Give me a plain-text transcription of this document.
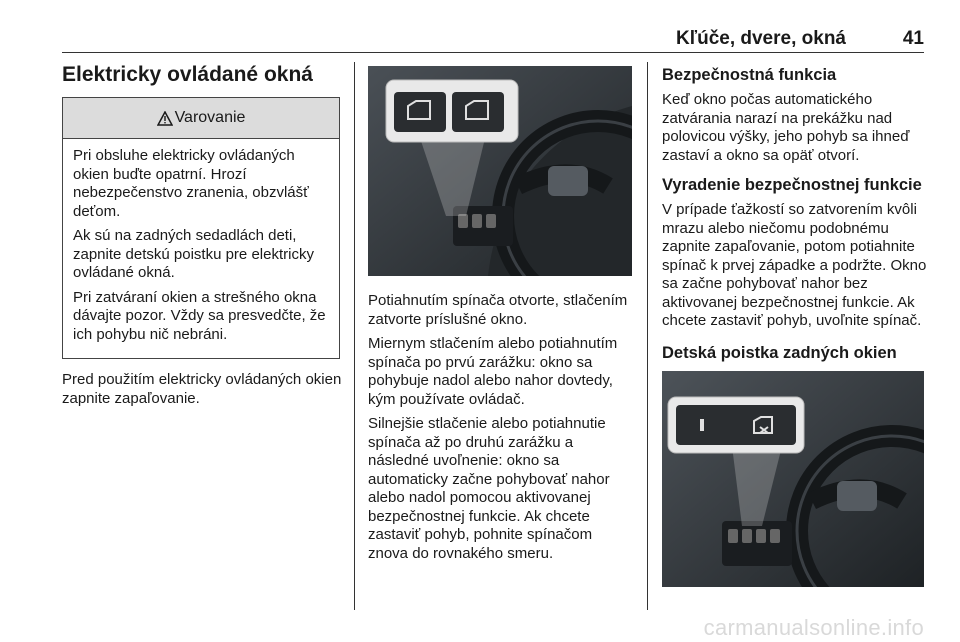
Kľúče, dvere, okná	41
Elektricky ovládané okná
Varovanie

Pri obsluhe elektricky ovládaných okien buďte opatrní. Hrozí nebezpečenstvo zranenia, obzvlášť deťom.

Ak sú na zadných sedadlách deti, zapnite detskú poistku pre elektricky ovládané okná.

Pri zatváraní okien a strešného okna dávajte pozor. Vždy sa presvedčte, že ich pohybu nič nebráni.

Pred použitím elektricky ovládaných okien zapnite zapaľovanie.

Potiahnutím spínača otvorte, stlačením zatvorte príslušné okno.

Miernym stlačením alebo potiahnutím spínača po prvú zarážku: okno sa pohybuje nadol alebo nahor dovtedy, kým používate ovládač.

Silnejšie stlačenie alebo potiahnutie spínača až po druhú zarážku a následné uvoľnenie: okno sa automaticky začne pohybovať nahor alebo nadol pomocou aktivovanej bezpečnostnej funkcie. Ak chcete zastaviť pohyb, pohnite spínačom znova do rovnakého smeru.

Bezpečnostná funkcia

Keď okno počas automatického zatvárania narazí na prekážku nad polovicou výšky, jeho pohyb sa ihneď zastaví a okno sa opäť otvorí.

Vyradenie bezpečnostnej funkcie

V prípade ťažkostí so zatvorením kvôli mrazu alebo niečomu podobnému zapnite zapaľovanie, potom potiahnite spínač k prvej západke a podržte. Okno sa začne pohybovať nahor bez aktivovanej bezpečnostnej funkcie. Ak chcete zastaviť pohyb, uvoľnite spínač.

Detská poistka zadných okien
carmanualsonline.info
